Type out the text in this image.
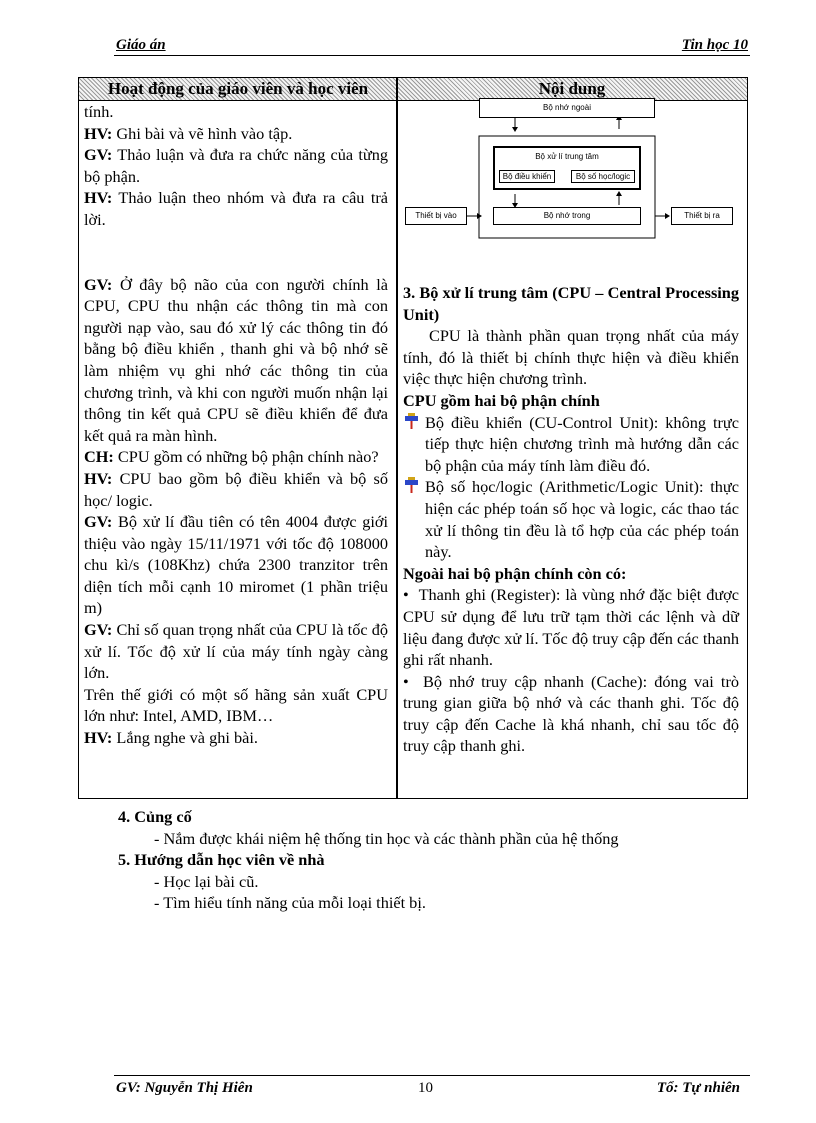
Giáo án	Tin học 10
Hoạt động của giáo viên và học viên	Nội dung

tính.

HV: Ghi bài và vẽ hình vào tập.

GV: Thảo luận và đưa ra chức năng của từng bộ phận.

HV: Thảo luận theo nhóm và đưa ra câu trả lời.

GV: Ở đây bộ não của con người chính là CPU, CPU thu nhận các thông tin mà con người nạp vào, sau đó xử lý các thông tin đó bằng bộ điều khiển , thanh ghi và bộ nhớ sẽ làm nhiệm vụ ghi nhớ các thông tin của chương trình, và khi con người muốn nhận lại thông tin kết quả CPU sẽ điều khiển để đưa kết quả ra màn hình.

CH: CPU gồm có những bộ phận chính nào?

HV: CPU bao gồm bộ điều khiển và bộ số học/ logic.

GV: Bộ xử lí đầu tiên có tên 4004 được giới thiệu vào ngày 15/11/1971 với tốc độ 108000 chu kì/s (108Khz) chứa 2300 tranzitor trên diện tích mỗi cạnh 10 miromet (1 phần triệu m)

GV: Chỉ số quan trọng nhất của CPU là tốc độ xử lí. Tốc độ xử lí của máy tính ngày càng lớn.

Trên thế giới có một số hãng sản xuất CPU lớn như: Intel, AMD, IBM…

HV: Lắng nghe và ghi bài.

Bộ nhớ ngoài
Bộ xử lí trung tâm
Bộ điều khiển	Bộ số học/logic
Thiết bị vào	Bộ nhớ trong	Thiết bị ra

3. Bộ xử lí trung tâm (CPU – Central Processing Unit)

CPU là thành phần quan trọng nhất của máy tính, đó là thiết bị chính thực hiện và điều khiển việc thực hiện chương trình.

CPU gồm hai bộ phận chính

Bộ điều khiển (CU-Control Unit): không trực tiếp thực hiện chương trình mà hướng dẫn các bộ phận của máy tính làm điều đó.

Bộ số học/logic (Arithmetic/Logic Unit): thực hiện các phép toán số học và logic, các thao tác xử lí thông tin đều là tổ hợp của các phép toán này.

Ngoài hai bộ phận chính còn có:

•  Thanh ghi (Register): là vùng nhớ đặc biệt được CPU sử dụng để lưu trữ tạm thời các lệnh và dữ liệu đang được xử lí. Tốc độ truy cập đến các thanh ghi rất nhanh.

•  Bộ nhớ truy cập nhanh (Cache): đóng vai trò trung gian giữa bộ nhớ và các thanh ghi. Tốc độ truy cập đến Cache là khá nhanh, chỉ sau tốc độ truy cập thanh ghi.

4. Củng cố

- Nắm được khái niệm hệ thống tin học và các thành phần của hệ thống

5. Hướng dẫn học viên về nhà

- Học lại bài cũ.

- Tìm hiểu tính năng của mỗi loại thiết bị.

GV: Nguyễn Thị Hiên	10	Tổ: Tự nhiên
